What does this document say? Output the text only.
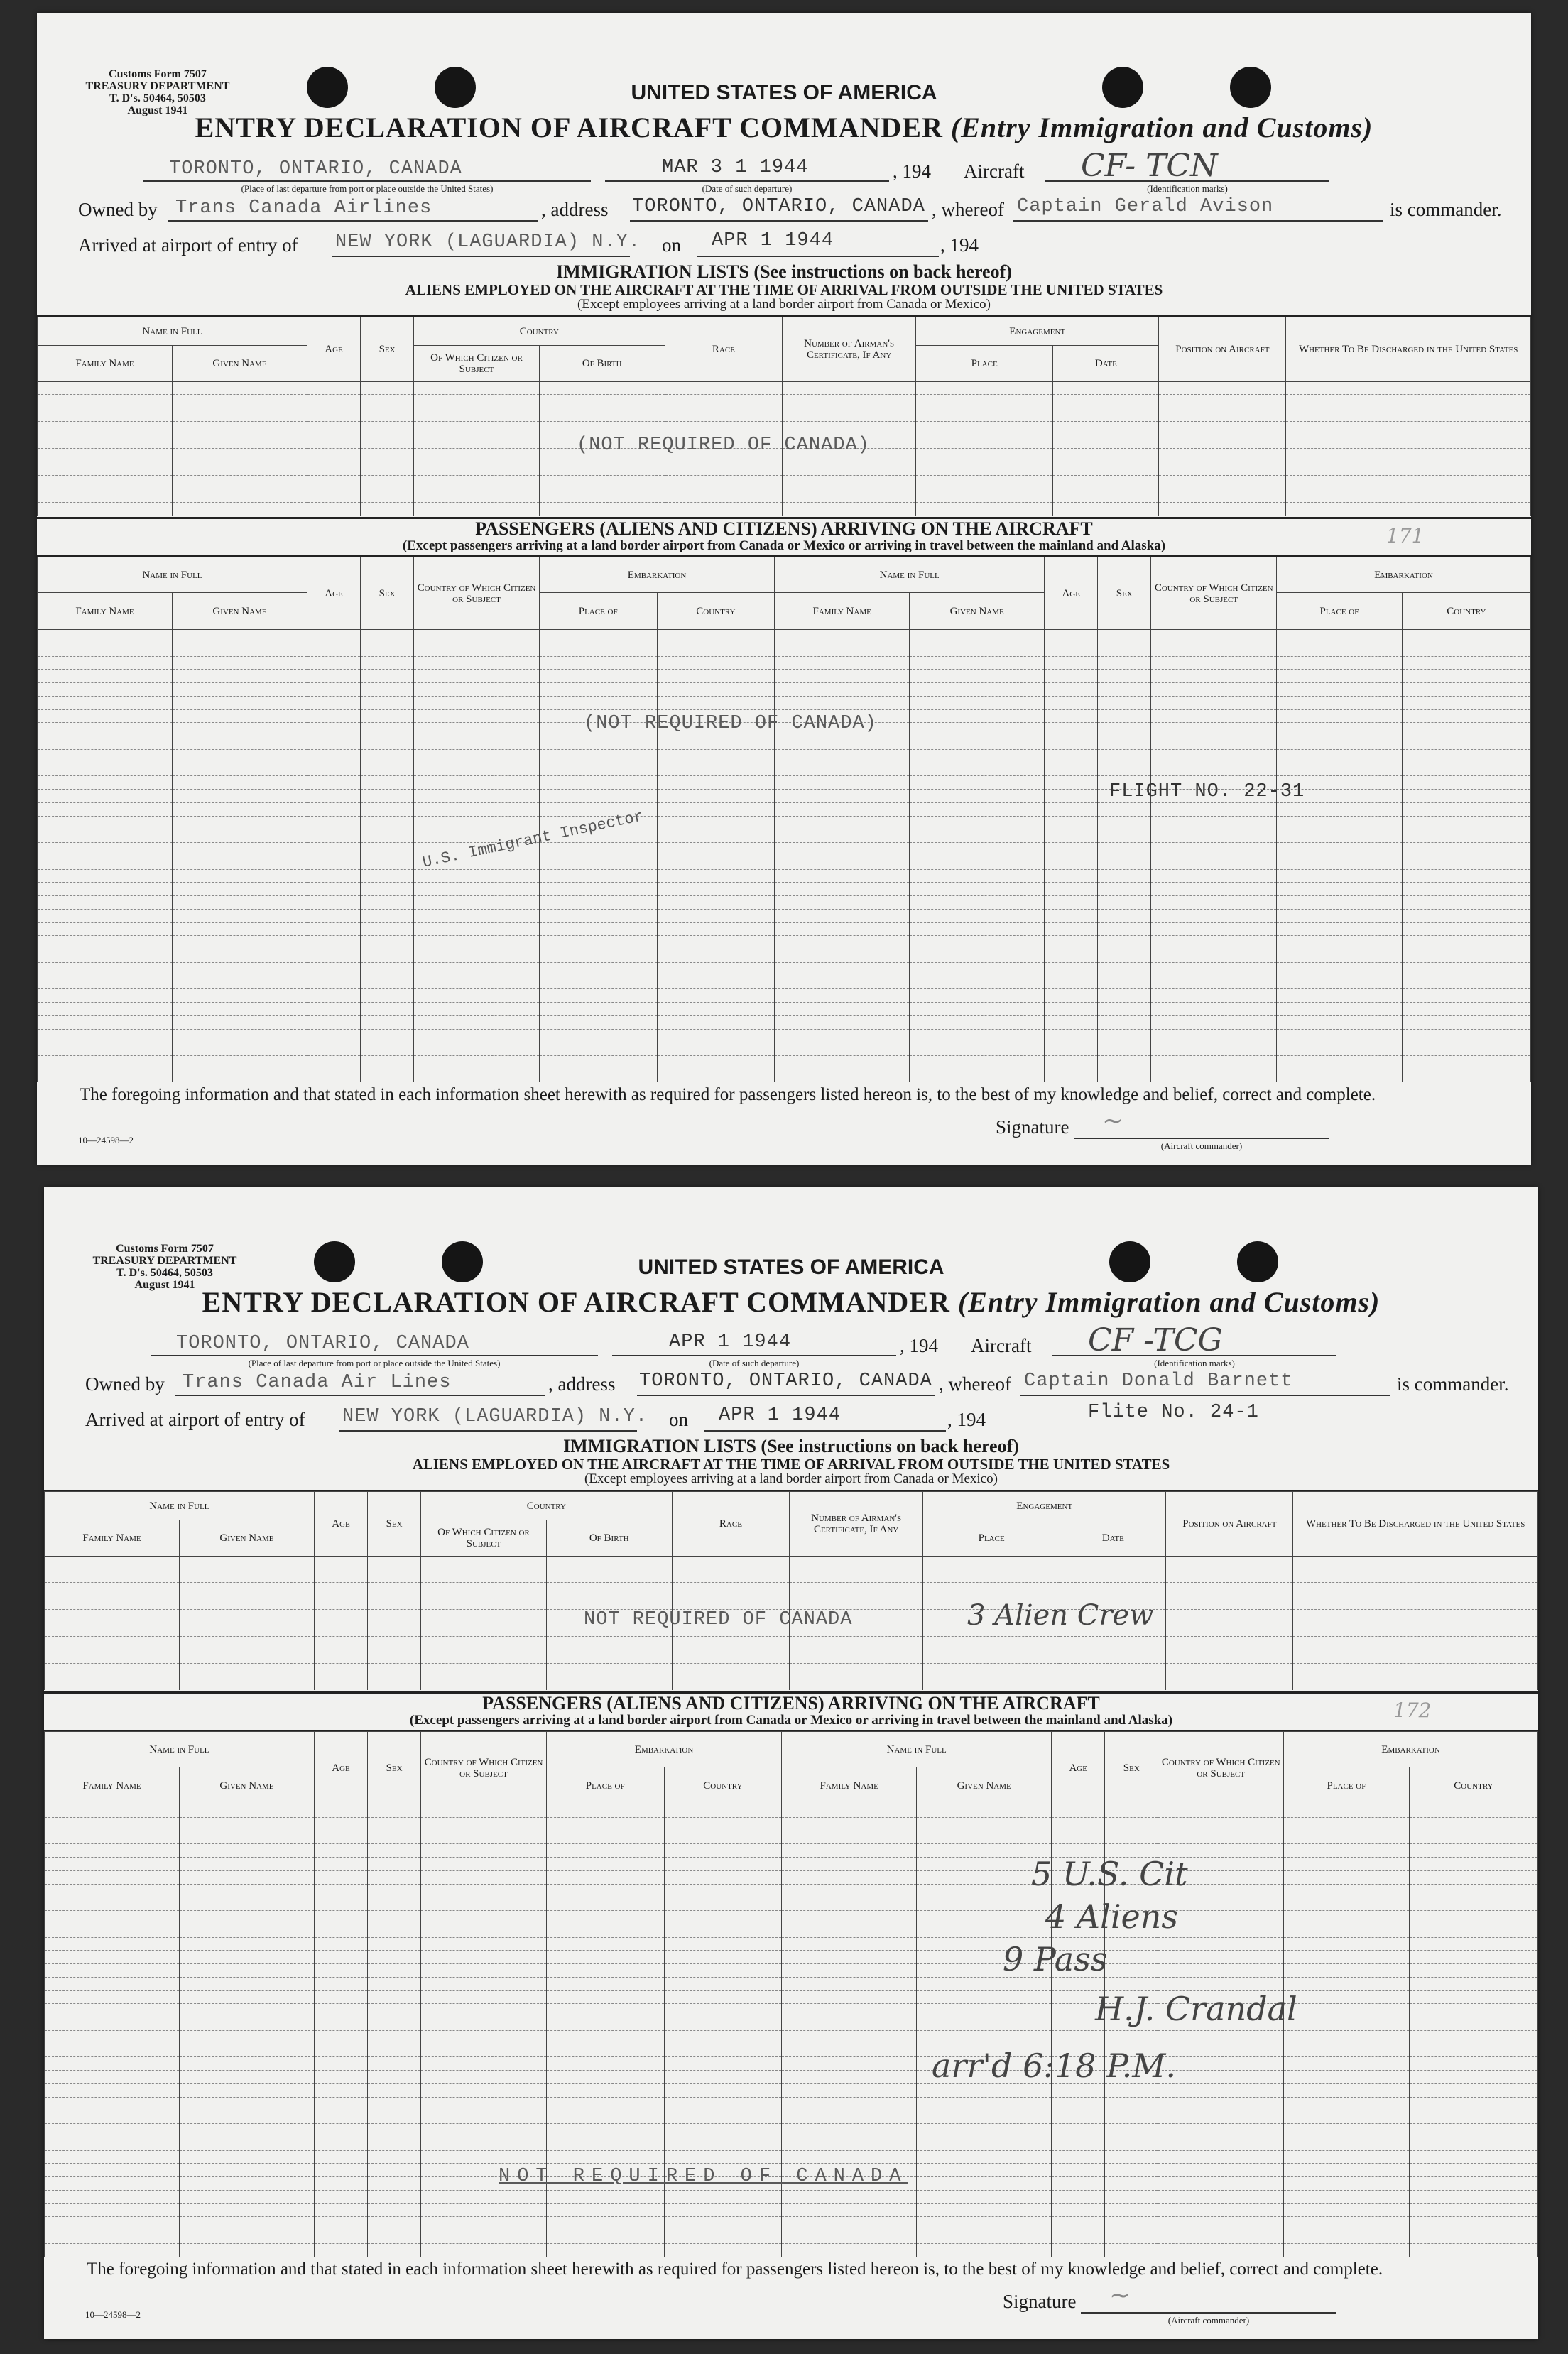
Customs Form 7507
TREASURY DEPARTMENT
T. D's. 50464, 50503
August 1941
UNITED STATES OF AMERICA
ENTRY DECLARATION OF AIRCRAFT COMMANDER (Entry Immigration and Customs)
TORONTO, ONTARIO, CANADA
(Place of last departure from port or place outside the United States)
MAR 3 1 1944
(Date of such departure)
, 194 Aircraft CF- TCN
(Identification marks)
Owned by Trans Canada Airlines	, address TORONTO, ONTARIO, CANADA , whereof Captain Gerald Avison	is commander.
Arrived at airport of entry of NEW YORK (LAGUARDIA) N.Y. on APR 1 1944	, 194
IMMIGRATION LISTS (See instructions on back hereof)
ALIENS EMPLOYED ON THE AIRCRAFT AT THE TIME OF ARRIVAL FROM OUTSIDE THE UNITED STATES
(Except employees arriving at a land border airport from Canada or Mexico)
Name in Full		Age	Sex	Country		Race	Number of Airman's Certificate, If Any	Engagement		Position on Aircraft	Whether To Be Discharged in the United States
Family Name	Given Name			Of Which Citizen or Subject	Of Birth			Place	Date		

(NOT REQUIRED OF CANADA)
PASSENGERS (ALIENS AND CITIZENS) ARRIVING ON THE AIRCRAFT
(Except passengers arriving at a land border airport from Canada or Mexico or arriving in travel between the mainland and Alaska)	171
Name in Full		Age	Sex	Country of Which Citizen or Subject	Embarkation		Name in Full		Age	Sex	Country of Which Citizen or Subject	Embarkation	
Family Name	Given Name				Place of	Country	Family Name	Given Name				Place of	Country

(NOT REQUIRED OF CANADA)
FLIGHT NO. 22-31
U.S. Immigrant Inspector
The foregoing information and that stated in each information sheet herewith as required for passengers listed hereon is, to the best of my knowledge and belief, correct and complete.
10—24598—2
Signature ~
(Aircraft commander)
Customs Form 7507
TREASURY DEPARTMENT
T. D's. 50464, 50503
August 1941
UNITED STATES OF AMERICA
ENTRY DECLARATION OF AIRCRAFT COMMANDER (Entry Immigration and Customs)
TORONTO, ONTARIO, CANADA
(Place of last departure from port or place outside the United States)
APR 1 1944
(Date of such departure)
, 194 Aircraft CF -TCG
(Identification marks)
Owned by Trans Canada Air Lines	, address TORONTO, ONTARIO, CANADA , whereof Captain Donald Barnett	is commander.
Arrived at airport of entry of NEW YORK (LAGUARDIA) N.Y. on APR 1 1944	, 194	Flite No. 24-1
IMMIGRATION LISTS (See instructions on back hereof)
ALIENS EMPLOYED ON THE AIRCRAFT AT THE TIME OF ARRIVAL FROM OUTSIDE THE UNITED STATES
(Except employees arriving at a land border airport from Canada or Mexico)
Name in Full		Age	Sex	Country		Race	Number of Airman's Certificate, If Any	Engagement		Position on Aircraft	Whether To Be Discharged in the United States
Family Name	Given Name			Of Which Citizen or Subject	Of Birth			Place	Date		

NOT REQUIRED OF CANADA	3 Alien Crew
PASSENGERS (ALIENS AND CITIZENS) ARRIVING ON THE AIRCRAFT
(Except passengers arriving at a land border airport from Canada or Mexico or arriving in travel between the mainland and Alaska)	172
Name in Full		Age	Sex	Country of Which Citizen or Subject	Embarkation		Name in Full		Age	Sex	Country of Which Citizen or Subject	Embarkation	
Family Name	Given Name				Place of	Country	Family Name	Given Name				Place of	Country

NOT REQUIRED OF CANADA
5 U.S. Cit
4 Aliens
9 Pass
H.J. Crandal
arr'd 6:18 P.M.
The foregoing information and that stated in each information sheet herewith as required for passengers listed hereon is, to the best of my knowledge and belief, correct and complete.
10—24598—2
Signature ~
(Aircraft commander)
